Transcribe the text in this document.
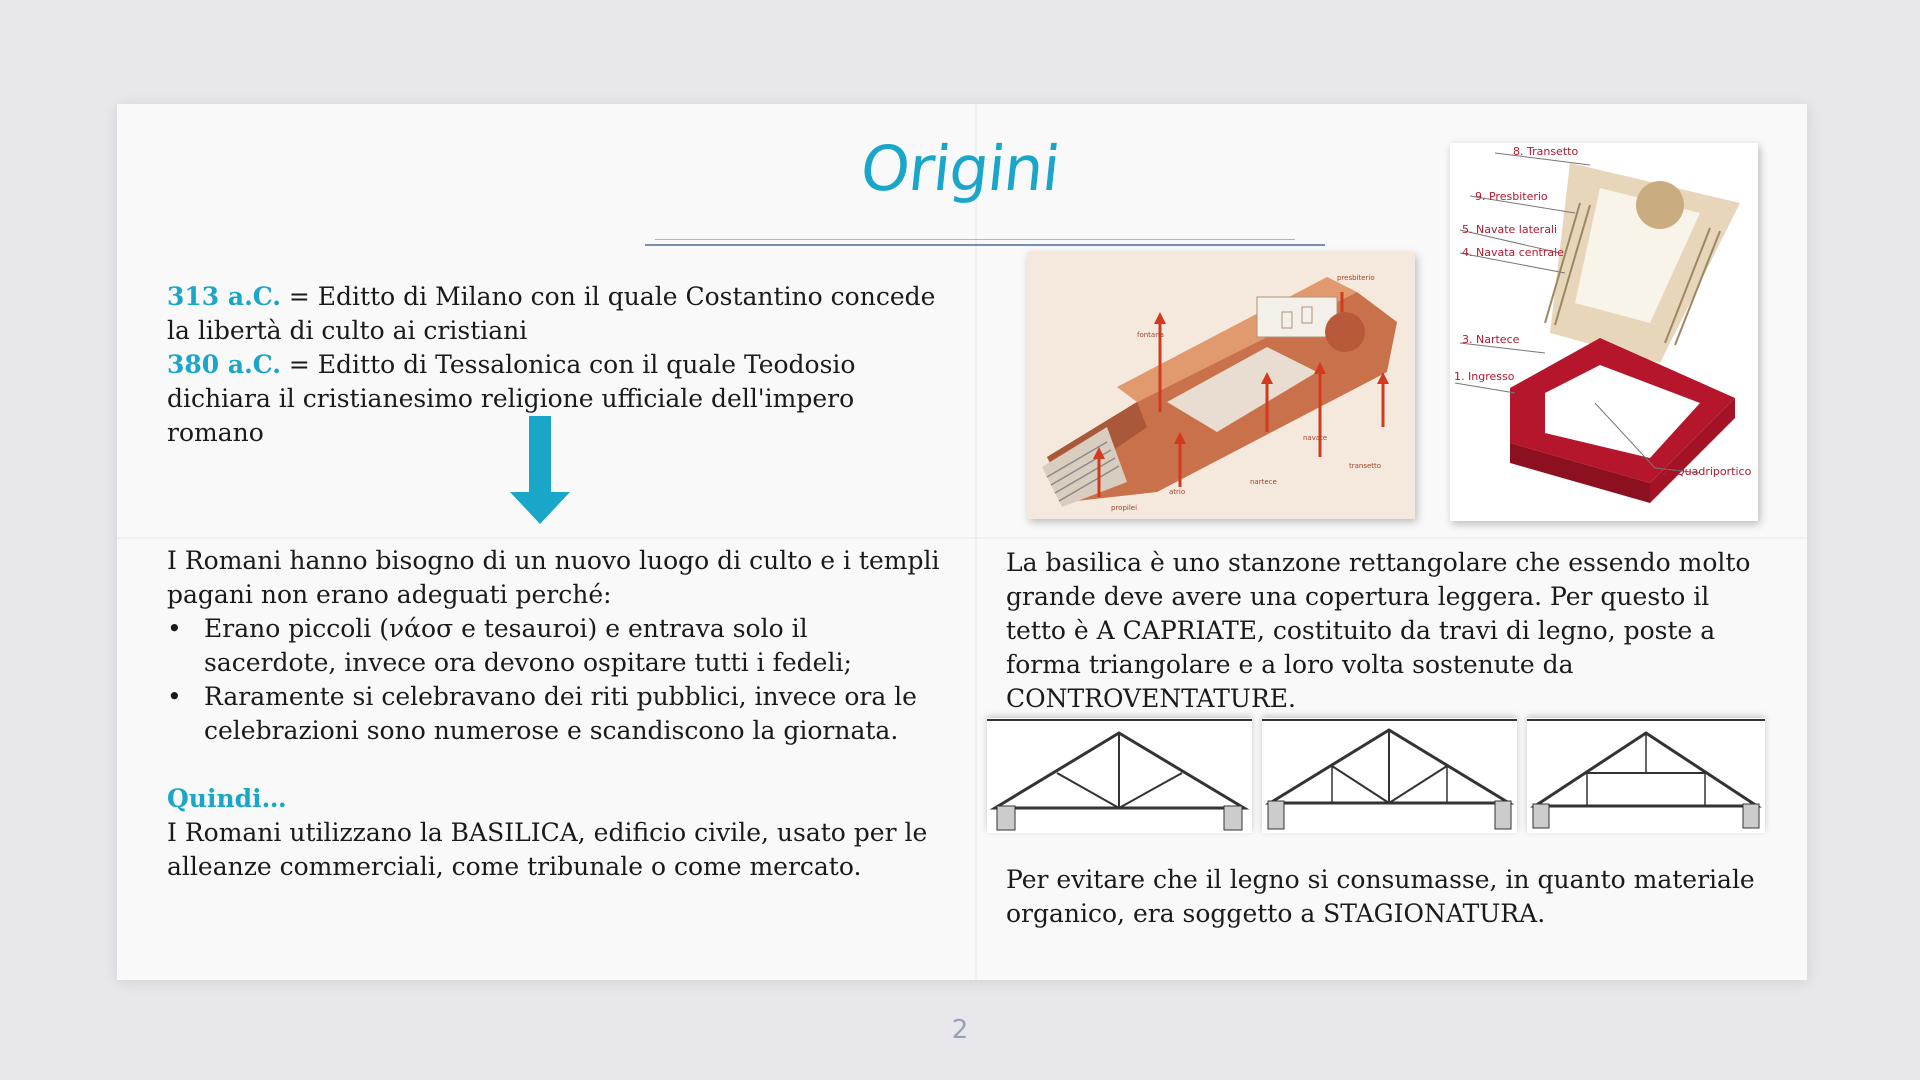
Origini
313 a.C. = Editto di Milano con il quale Costantino concede la libertà di culto ai cristiani
380 a.C. = Editto di Tessalonica con il quale Teodosio dichiara il cristianesimo religione ufficiale dell'impero romano
I Romani hanno bisogno di un nuovo luogo di culto e i templi pagani non erano adeguati perché:
• Erano piccoli (νάοσ e tesauroi) e entrava solo il sacerdote, invece ora devono ospitare tutti i fedeli;
• Raramente si celebravano dei riti pubblici, invece ora le celebrazioni sono numerose e scandiscono la giornata.
Quindi…
I Romani utilizzano la BASILICA, edificio civile, usato per le alleanze commerciali, come tribunale o come mercato.
presbiterio
fontana
navate
transetto
nartece
atrio
propilei
8. Transetto
9. Presbiterio
5. Navate laterali
4. Navata centrale
3. Nartece
1. Ingresso
2. Quadriportico
La basilica è uno stanzone rettangolare che essendo molto grande deve avere una copertura leggera. Per questo il tetto è A CAPRIATE, costituito da travi di legno, poste a forma triangolare e a loro volta sostenute da CONTROVENTATURE.
Per evitare che il legno si consumasse, in quanto materiale organico, era soggetto a STAGIONATURA.
2
